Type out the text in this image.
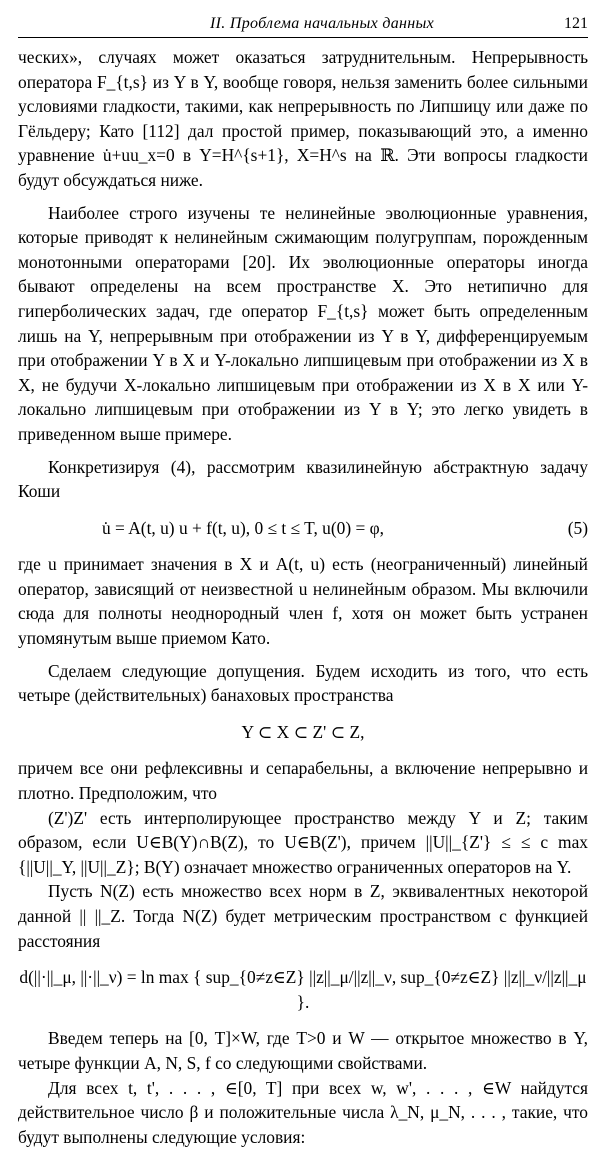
II. Проблема начальных данных	121

ческих», случаях может оказаться затруднительным. Непрерывность оператора F_{t,s} из Y в Y, вообще говоря, нельзя заменить более сильными условиями гладкости, такими, как непрерывность по Липшицу или даже по Гёльдеру; Като [112] дал простой пример, показывающий это, а именно уравнение u̇+uu_x=0 в Y=H^{s+1}, X=H^s на ℝ. Эти вопросы гладкости будут обсуждаться ниже.

Наиболее строго изучены те нелинейные эволюционные уравнения, которые приводят к нелинейным сжимающим полугруппам, порожденным монотонными операторами [20]. Их эволюционные операторы иногда бывают определены на всем пространстве X. Это нетипично для гиперболических задач, где оператор F_{t,s} может быть определенным лишь на Y, непрерывным при отображении из Y в Y, дифференцируемым при отображении Y в X и Y-локально липшицевым при отображении из X в X, не будучи X-локально липшицевым при отображении из X в X или Y-локально липшицевым при отображении из Y в Y; это легко увидеть в приведенном выше примере.

Конкретизируя (4), рассмотрим квазилинейную абстрактную задачу Коши

u̇ = A(t, u) u + f(t, u), 0 ≤ t ≤ T, u(0) = φ,	(5)

где u принимает значения в X и A(t, u) есть (неограниченный) линейный оператор, зависящий от неизвестной u нелинейным образом. Мы включили сюда для полноты неоднородный член f, хотя он может быть устранен упомянутым выше приемом Като.

Сделаем следующие допущения. Будем исходить из того, что есть четыре (действительных) банаховых пространства

Y ⊂ X ⊂ Z' ⊂ Z,

причем все они рефлексивны и сепарабельны, а включение непрерывно и плотно. Предположим, что

(Z')Z' есть интерполирующее пространство между Y и Z; таким образом, если U∈B(Y)∩B(Z), то U∈B(Z'), причем ||U||_{Z'} ≤ ≤ c max {||U||_Y, ||U||_Z}; B(Y) означает множество ограниченных операторов на Y.

Пусть N(Z) есть множество всех норм в Z, эквивалентных некоторой данной || ||_Z. Тогда N(Z) будет метрическим пространством с функцией расстояния

d(||·||_μ, ||·||_ν) = ln max { sup_{0≠z∈Z} ||z||_μ/||z||_ν, sup_{0≠z∈Z} ||z||_ν/||z||_μ }.

Введем теперь на [0, T]×W, где T>0 и W — открытое множество в Y, четыре функции A, N, S, f со следующими свойствами.

Для всех t, t', . . . , ∈[0, T] при всех w, w', . . . , ∈W найдутся действительное число β и положительные числа λ_N, μ_N, . . . , такие, что будут выполнены следующие условия:
